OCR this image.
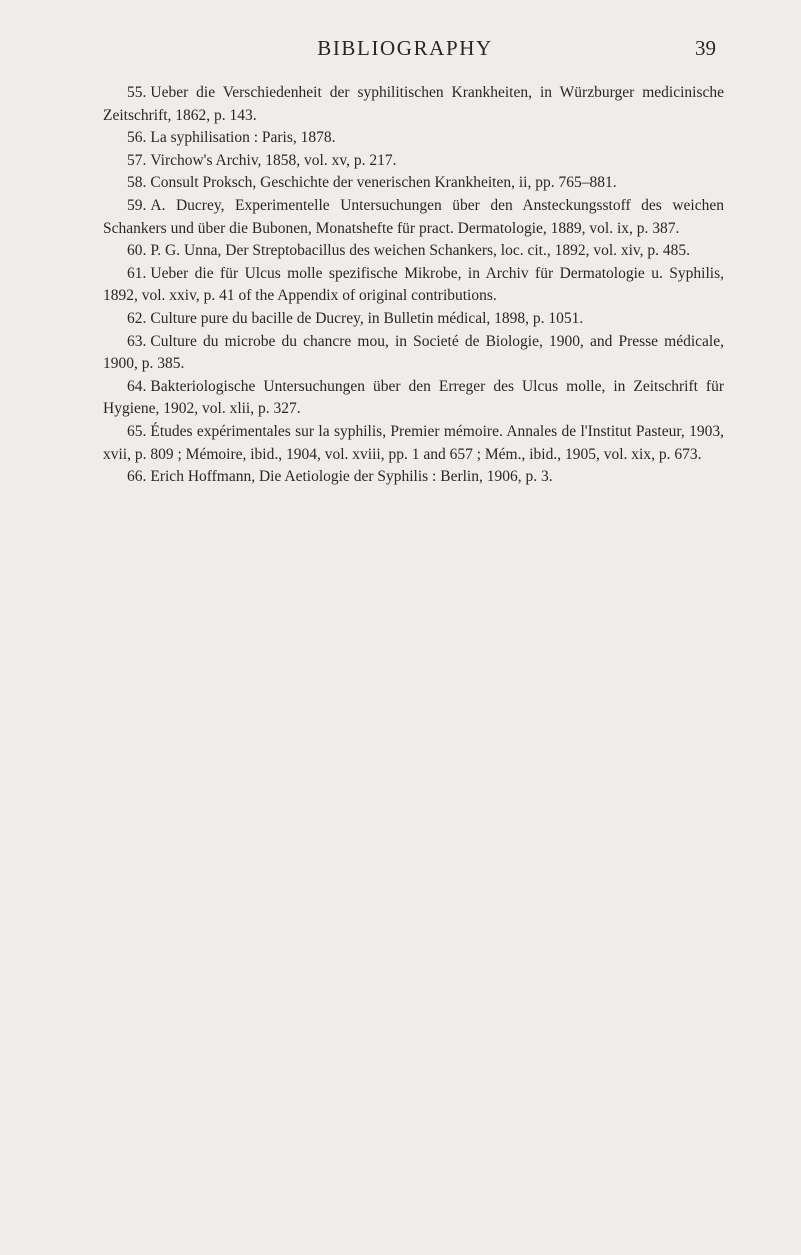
BIBLIOGRAPHY	39

55. Ueber die Verschiedenheit der syphilitischen Krankheiten, in Würzburger medicinische Zeitschrift, 1862, p. 143.

56. La syphilisation : Paris, 1878.

57. Virchow's Archiv, 1858, vol. xv, p. 217.

58. Consult Proksch, Geschichte der venerischen Krankheiten, ii, pp. 765–881.

59. A. Ducrey, Experimentelle Untersuchungen über den Ansteckungsstoff des weichen Schankers und über die Bubonen, Monatshefte für pract. Dermatologie, 1889, vol. ix, p. 387.

60. P. G. Unna, Der Streptobacillus des weichen Schankers, loc. cit., 1892, vol. xiv, p. 485.

61. Ueber die für Ulcus molle spezifische Mikrobe, in Archiv für Dermatologie u. Syphilis, 1892, vol. xxiv, p. 41 of the Appendix of original contributions.

62. Culture pure du bacille de Ducrey, in Bulletin médical, 1898, p. 1051.

63. Culture du microbe du chancre mou, in Societé de Biologie, 1900, and Presse médicale, 1900, p. 385.

64. Bakteriologische Untersuchungen über den Erreger des Ulcus molle, in Zeitschrift für Hygiene, 1902, vol. xlii, p. 327.

65. Études expérimentales sur la syphilis, Premier mémoire. Annales de l'Institut Pasteur, 1903, xvii, p. 809 ; Mémoire, ibid., 1904, vol. xviii, pp. 1 and 657 ; Mém., ibid., 1905, vol. xix, p. 673.

66. Erich Hoffmann, Die Aetiologie der Syphilis : Berlin, 1906, p. 3.
